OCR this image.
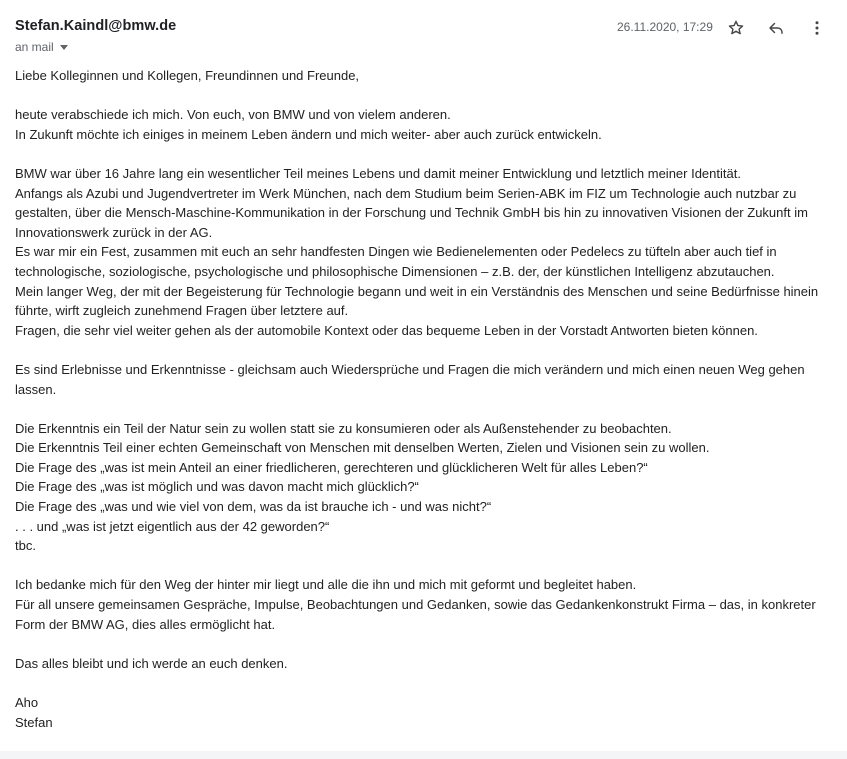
Stefan.Kaindl@bmw.de
an mail
26.11.2020, 17:29
Liebe Kolleginnen und Kollegen, Freundinnen und Freunde,
heute verabschiede ich mich. Von euch, von BMW und von vielem anderen.
In Zukunft möchte ich einiges in meinem Leben ändern und mich weiter- aber auch zurück entwickeln.
BMW war über 16 Jahre lang ein wesentlicher Teil meines Lebens und damit meiner Entwicklung und letztlich meiner Identität.
Anfangs als Azubi und Jugendvertreter im Werk München, nach dem Studium beim Serien-ABK im FIZ um Technologie auch nutzbar zu
gestalten, über die Mensch-Maschine-Kommunikation in der Forschung und Technik GmbH bis hin zu innovativen Visionen der Zukunft im
Innovationswerk zurück in der AG.
Es war mir ein Fest, zusammen mit euch an sehr handfesten Dingen wie Bedienelementen oder Pedelecs zu tüfteln aber auch tief in
technologische, soziologische, psychologische und philosophische Dimensionen – z.B. der, der künstlichen Intelligenz abzutauchen.
Mein langer Weg, der mit der Begeisterung für Technologie begann und weit in ein Verständnis des Menschen und seine Bedürfnisse hinein
führte, wirft zugleich zunehmend Fragen über letztere auf.
Fragen, die sehr viel weiter gehen als der automobile Kontext oder das bequeme Leben in der Vorstadt Antworten bieten können.
Es sind Erlebnisse und Erkenntnisse - gleichsam auch Wiedersprüche und Fragen die mich verändern und mich einen neuen Weg gehen
lassen.
Die Erkenntnis ein Teil der Natur sein zu wollen statt sie zu konsumieren oder als Außenstehender zu beobachten.
Die Erkenntnis Teil einer echten Gemeinschaft von Menschen mit denselben Werten, Zielen und Visionen sein zu wollen.
Die Frage des „was ist mein Anteil an einer friedlicheren, gerechteren und glücklicheren Welt für alles Leben?“
Die Frage des „was ist möglich und was davon macht mich glücklich?“
Die Frage des „was und wie viel von dem, was da ist brauche ich - und was nicht?“
. . . und „was ist jetzt eigentlich aus der 42 geworden?“
tbc.
Ich bedanke mich für den Weg der hinter mir liegt und alle die ihn und mich mit geformt und begleitet haben.
Für all unsere gemeinsamen Gespräche, Impulse, Beobachtungen und Gedanken, sowie das Gedankenkonstrukt Firma – das, in konkreter
Form der BMW AG, dies alles ermöglicht hat.
Das alles bleibt und ich werde an euch denken.
Aho
Stefan
